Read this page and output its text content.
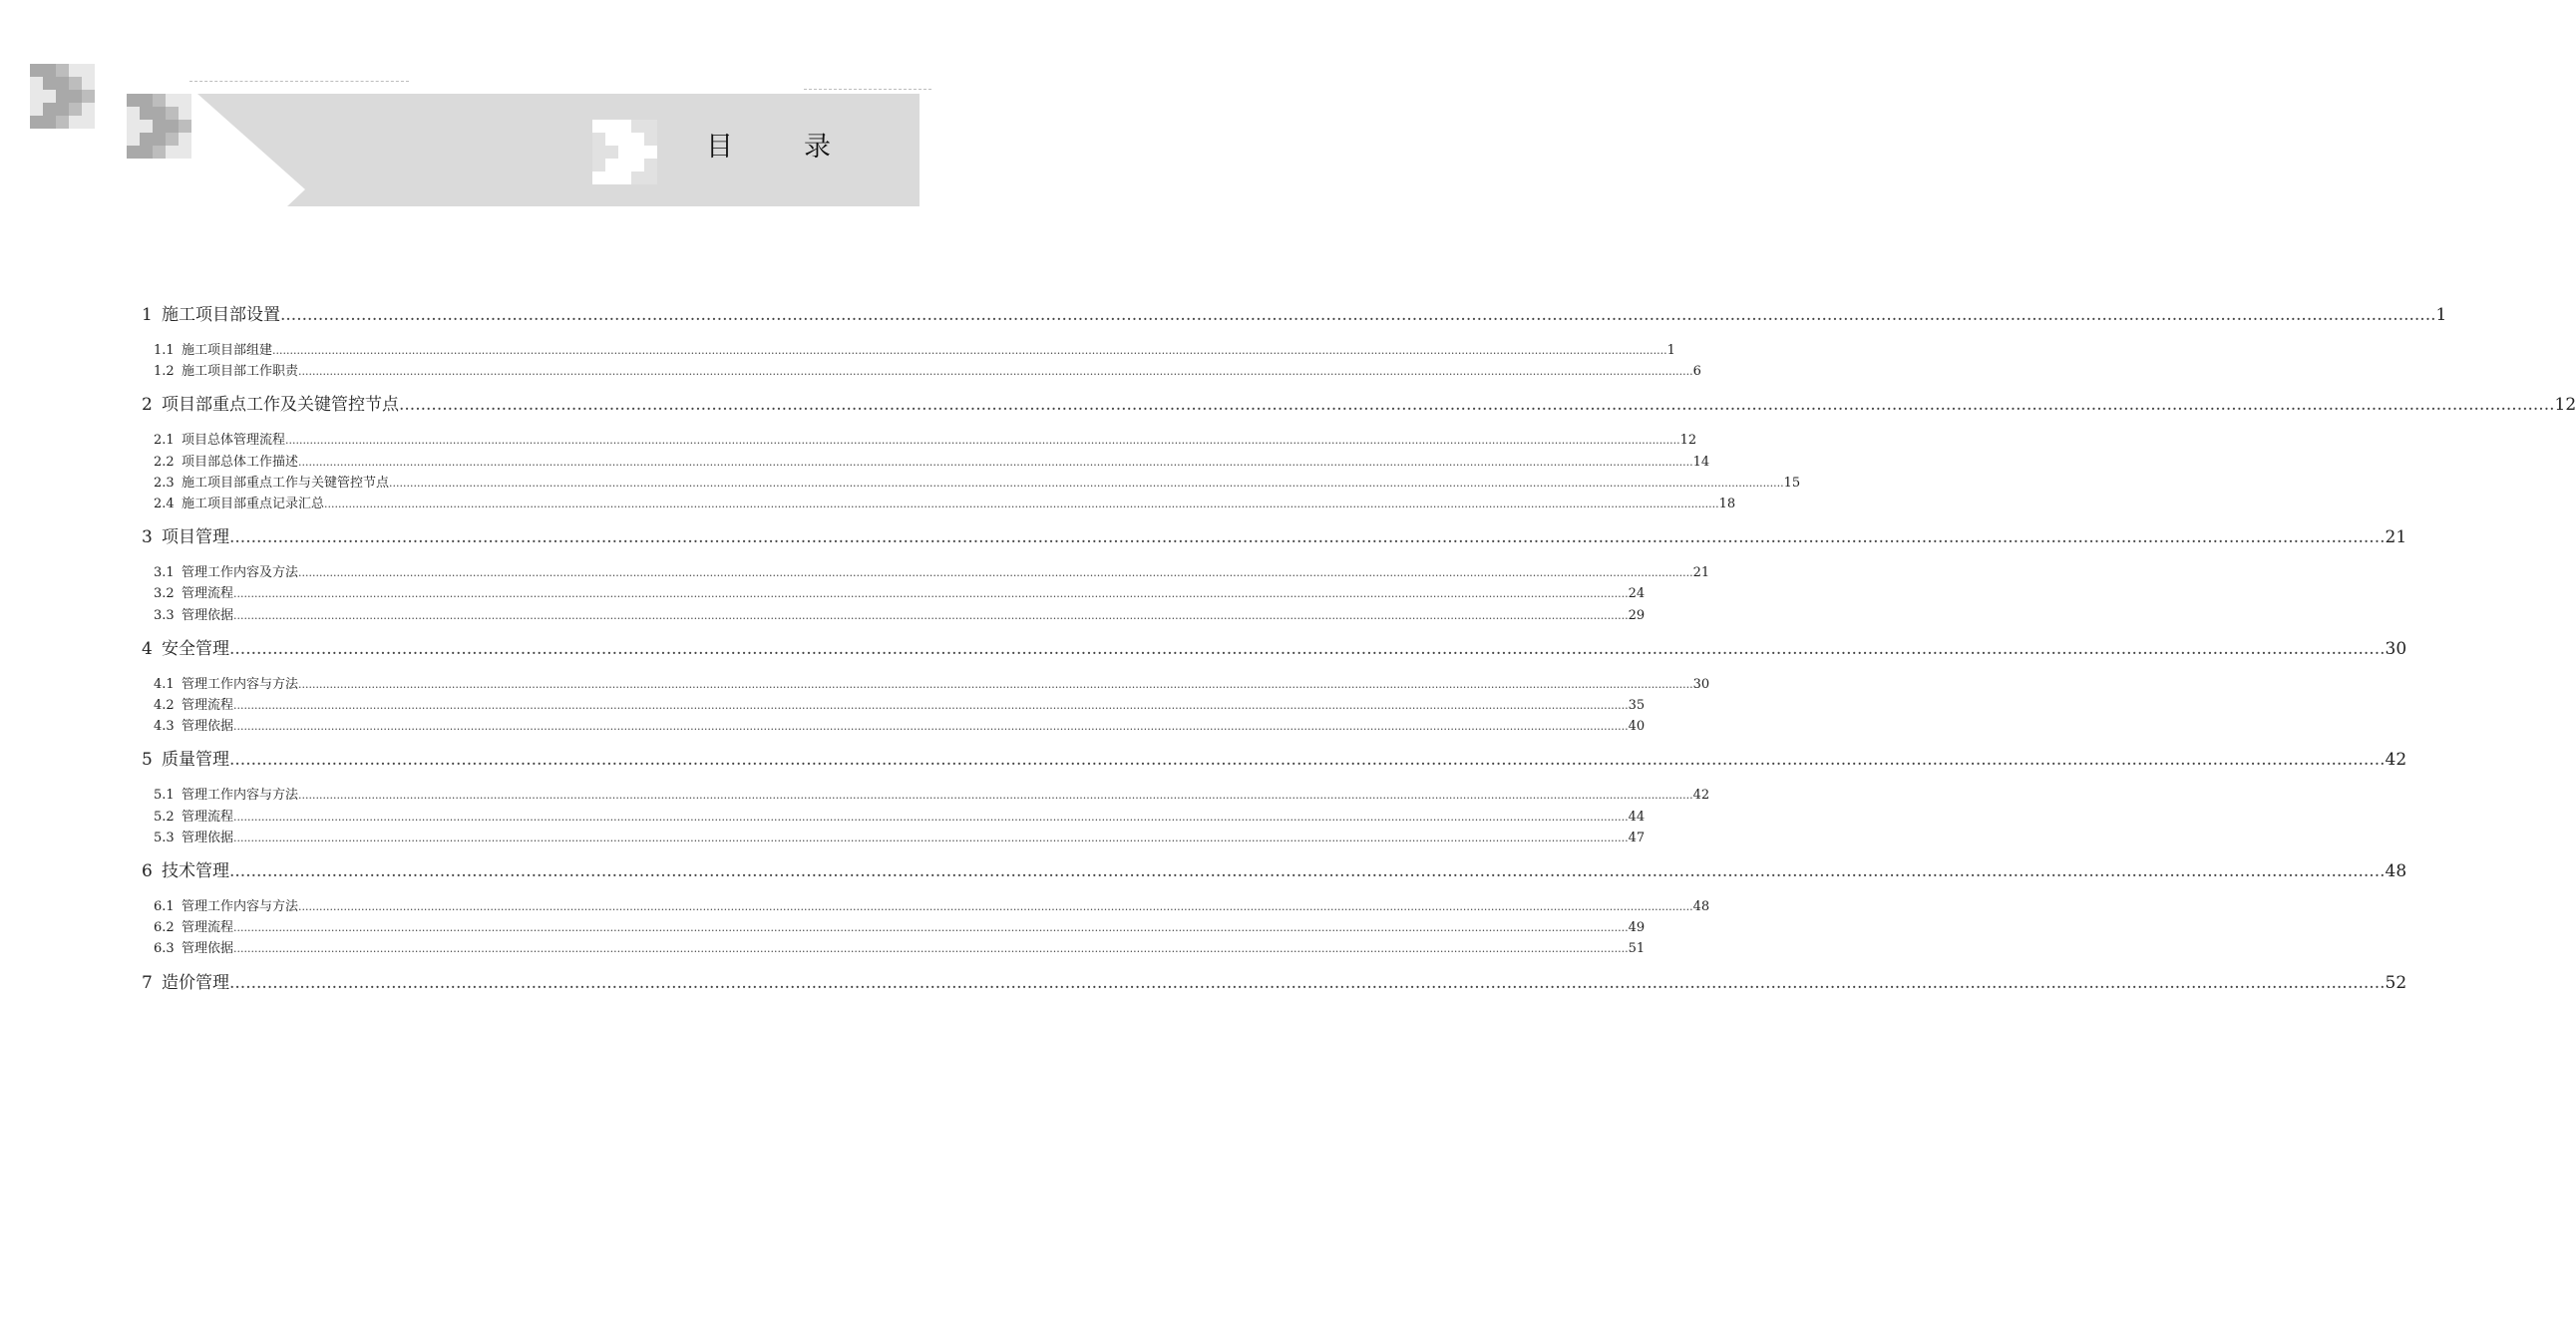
目　录
1 施工项目部设置 ................................................................................................................................................................................................................................................................................................................................................................................................................ 1
1.1 施工项目部组建 ................................................................................................................................................................................................................................................................................................................................................................................................................ 1
1.2 施工项目部工作职责 ................................................................................................................................................................................................................................................................................................................................................................................................................ 6
2 项目部重点工作及关键管控节点 ................................................................................................................................................................................................................................................................................................................................................................................................................ 12
2.1 项目总体管理流程 ................................................................................................................................................................................................................................................................................................................................................................................................................ 12
2.2 项目部总体工作描述 ................................................................................................................................................................................................................................................................................................................................................................................................................ 14
2.3 施工项目部重点工作与关键管控节点 ................................................................................................................................................................................................................................................................................................................................................................................................................ 15
2.4 施工项目部重点记录汇总 ................................................................................................................................................................................................................................................................................................................................................................................................................ 18
3 项目管理 ................................................................................................................................................................................................................................................................................................................................................................................................................ 21
3.1 管理工作内容及方法 ................................................................................................................................................................................................................................................................................................................................................................................................................ 21
3.2 管理流程 ................................................................................................................................................................................................................................................................................................................................................................................................................ 24
3.3 管理依据 ................................................................................................................................................................................................................................................................................................................................................................................................................ 29
4 安全管理 ................................................................................................................................................................................................................................................................................................................................................................................................................ 30
4.1 管理工作内容与方法 ................................................................................................................................................................................................................................................................................................................................................................................................................ 30
4.2 管理流程 ................................................................................................................................................................................................................................................................................................................................................................................................................ 35
4.3 管理依据 ................................................................................................................................................................................................................................................................................................................................................................................................................ 40
5 质量管理 ................................................................................................................................................................................................................................................................................................................................................................................................................ 42
5.1 管理工作内容与方法 ................................................................................................................................................................................................................................................................................................................................................................................................................ 42
5.2 管理流程 ................................................................................................................................................................................................................................................................................................................................................................................................................ 44
5.3 管理依据 ................................................................................................................................................................................................................................................................................................................................................................................................................ 47
6 技术管理 ................................................................................................................................................................................................................................................................................................................................................................................................................ 48
6.1 管理工作内容与方法 ................................................................................................................................................................................................................................................................................................................................................................................................................ 48
6.2 管理流程 ................................................................................................................................................................................................................................................................................................................................................................................................................ 49
6.3 管理依据 ................................................................................................................................................................................................................................................................................................................................................................................................................ 51
7 造价管理 ................................................................................................................................................................................................................................................................................................................................................................................................................ 52
